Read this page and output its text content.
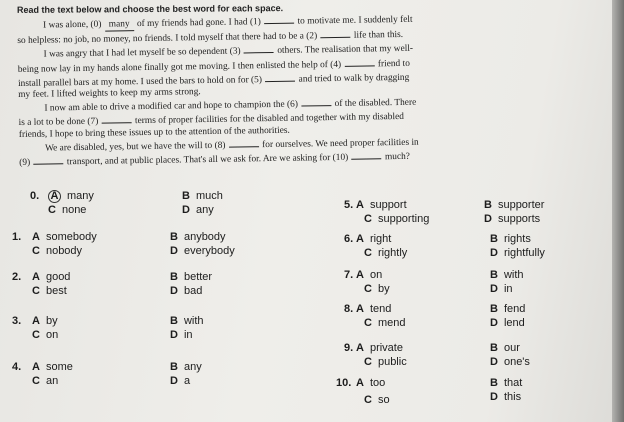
Read the text below and choose the best word for each space.

I was alone, (0) many of my friends had gone. I had (1)	to motivate me. I suddenly felt
so helpless: no job, no money, no friends. I told myself that there had to be a (2)	life than this.
I was angry that I had let myself be so dependent (3)	others. The realisation that my well-
being now lay in my hands alone finally got me moving. I then enlisted the help of (4)	friend to
install parallel bars at my home. I used the bars to hold on for (5)	and tried to walk by dragging
my feet. I lifted weights to keep my arms strong.
I now am able to drive a modified car and hope to champion the (6)	of the disabled. There
is a lot to be done (7)	terms of proper facilities for the disabled and together with my disabled
friends, I hope to bring these issues up to the attention of the authorities.
We are disabled, yes, but we have the will to (8)	for ourselves. We need proper facilities in
(9)	transport, and at public places. That's all we ask for. Are we asking for (10)	much?
0. A many	B much
C none	D any
1. A somebody	B anybody
C nobody	D everybody
2. A good	B better
C best	D bad
3. A by	B with
C on	D in
4. A some	B any
C an	D a
5. A support	B supporter
C supporting	D supports
6. A right	B rights
C rightly	D rightfully
7. A on	B with
C by	D in
8. A tend	B fend
C mend	D lend
9. A private	B our
C public	D one's
10. A too	B that
C so	D this
